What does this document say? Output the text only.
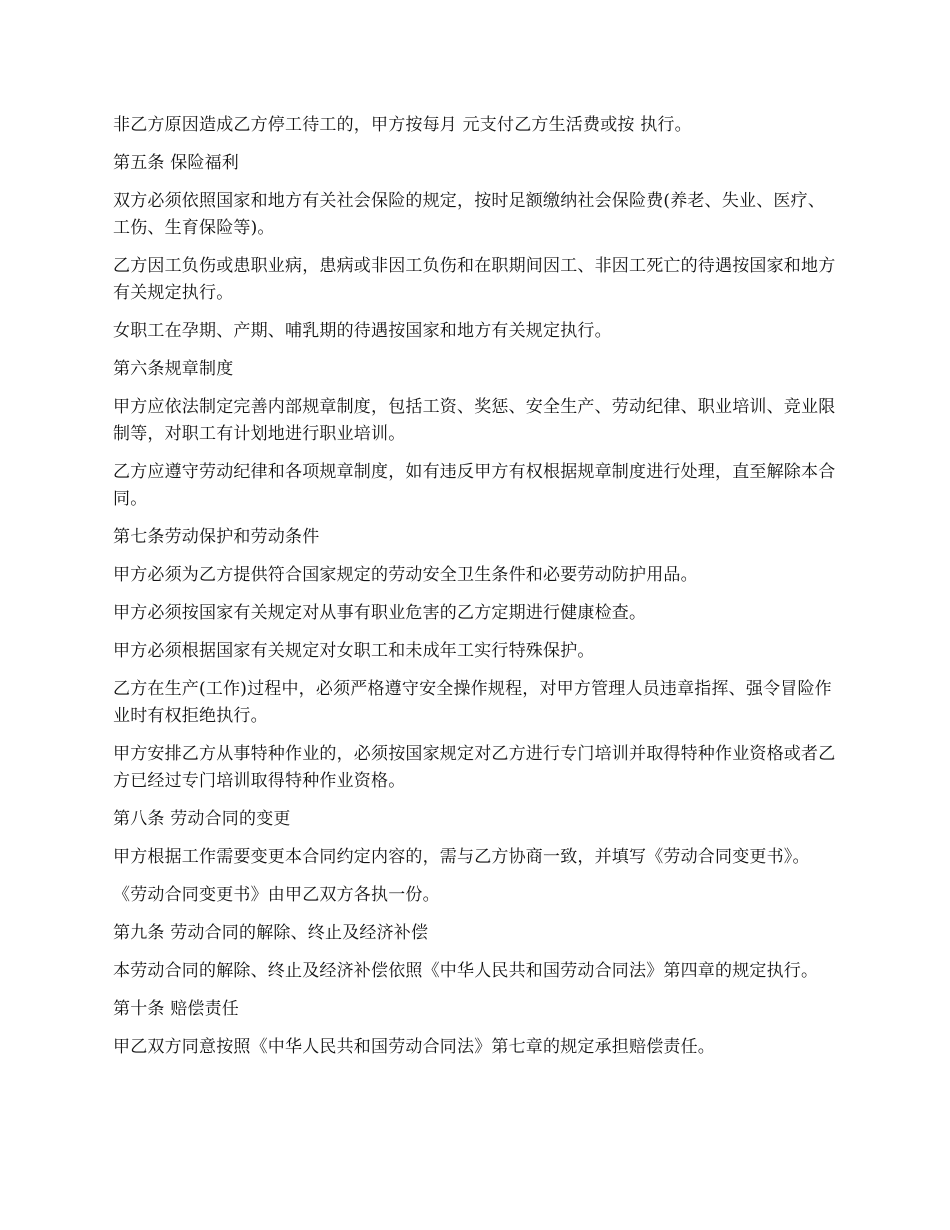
非乙方原因造成乙方停工待工的，甲方按每月 元支付乙方生活费或按 执行。

第五条 保险福利

双方必须依照国家和地方有关社会保险的规定，按时足额缴纳社会保险费(养老、失业、医疗、工伤、生育保险等)。

乙方因工负伤或患职业病，患病或非因工负伤和在职期间因工、非因工死亡的待遇按国家和地方有关规定执行。

女职工在孕期、产期、哺乳期的待遇按国家和地方有关规定执行。

第六条规章制度

甲方应依法制定完善内部规章制度，包括工资、奖惩、安全生产、劳动纪律、职业培训、竞业限制等，对职工有计划地进行职业培训。

乙方应遵守劳动纪律和各项规章制度，如有违反甲方有权根据规章制度进行处理，直至解除本合同。

第七条劳动保护和劳动条件

甲方必须为乙方提供符合国家规定的劳动安全卫生条件和必要劳动防护用品。

甲方必须按国家有关规定对从事有职业危害的乙方定期进行健康检查。

甲方必须根据国家有关规定对女职工和未成年工实行特殊保护。

乙方在生产(工作)过程中，必须严格遵守安全操作规程，对甲方管理人员违章指挥、强令冒险作业时有权拒绝执行。

甲方安排乙方从事特种作业的，必须按国家规定对乙方进行专门培训并取得特种作业资格或者乙方已经过专门培训取得特种作业资格。

第八条 劳动合同的变更

甲方根据工作需要变更本合同约定内容的，需与乙方协商一致，并填写《劳动合同变更书》。

《劳动合同变更书》由甲乙双方各执一份。

第九条 劳动合同的解除、终止及经济补偿

本劳动合同的解除、终止及经济补偿依照《中华人民共和国劳动合同法》第四章的规定执行。

第十条 赔偿责任

甲乙双方同意按照《中华人民共和国劳动合同法》第七章的规定承担赔偿责任。
